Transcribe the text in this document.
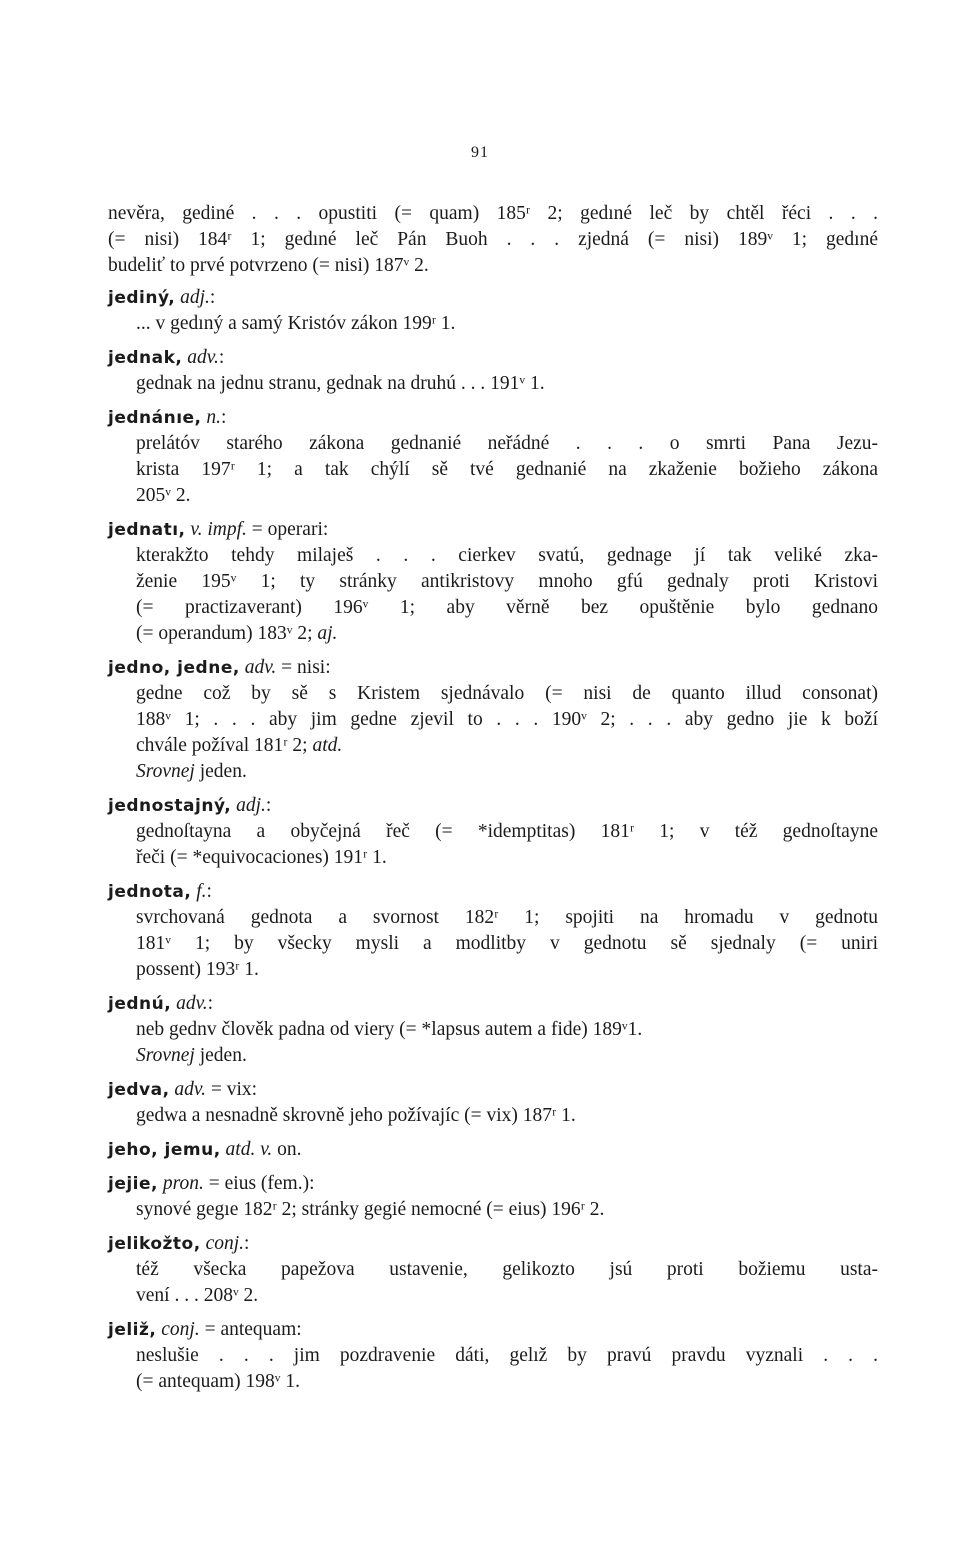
91
nevěra, gediné . . . opustiti (= quam) 185ʳ 2; gedıné leč by chtěl řéci . . .
(= nisi) 184ʳ 1; gedıné leč Pán Buoh . . . zjedná (= nisi) 189ᵛ 1; gedıné
budeliť to prvé potvrzeno (= nisi) 187ᵛ 2.
jediný, adj.:
... v gedıný a samý Kristóv zákon 199ʳ 1.
jednak, adv.:
gednak na jednu stranu, gednak na druhú . . . 191ᵛ 1.
jednánıe, n.:
prelátóv starého zákona gednanié neřádné . . . o smrti Pana Jezu-
krista 197ʳ 1; a tak chýlí sě tvé gednanié na zkaženie božieho zákona
205ᵛ 2.
jednatı, v. impf. = operari:
kterakžto tehdy milaješ . . . cierkev svatú, gednage jí tak veliké zka-
ženie 195ᵛ 1; ty stránky antikristovy mnoho gfú gednaly proti Kristovi
(= practizaverant) 196ᵛ 1; aby věrně bez opuštěnie bylo gednano
(= operandum) 183ᵛ 2; aj.
jedno, jedne, adv. = nisi:
gedne což by sě s Kristem sjednávalo (= nisi de quanto illud consonat)
188ᵛ 1; . . . aby jim gedne zjevil to . . . 190ᵛ 2; . . . aby gedno jie k boží
chvále požíval 181ʳ 2; atd.
Srovnej jeden.
jednostajný, adj.:
gednoſtayna a obyčejná řeč (= *idemptitas) 181ʳ 1; v též gednoſtayne
řeči (= *equivocaciones) 191ʳ 1.
jednota, f.:
svrchovaná gednota a svornost 182ʳ 1; spojiti na hromadu v gednotu
181ᵛ 1; by všecky mysli a modlitby v gednotu sě sjednaly (= uniri
possent) 193ʳ 1.
jednú, adv.:
neb gednv člověk padna od viery (= *lapsus autem a fide) 189ᵛ1.
Srovnej jeden.
jedva, adv. = vix:
gedwa a nesnadně skrovně jeho požívajíc (= vix) 187ʳ 1.
jeho, jemu, atd. v. on.
jejie, pron. = eius (fem.):
synové gegıe 182ʳ 2; stránky gegié nemocné (= eius) 196ʳ 2.
jelikožto, conj.:
též všecka papežova ustavenie, gelikozto jsú proti božiemu usta-
vení . . . 208ᵛ 2.
jeliž, conj. = antequam:
neslušie . . . jim pozdravenie dáti, gelıž by pravú pravdu vyznali . . .
(= antequam) 198ᵛ 1.
